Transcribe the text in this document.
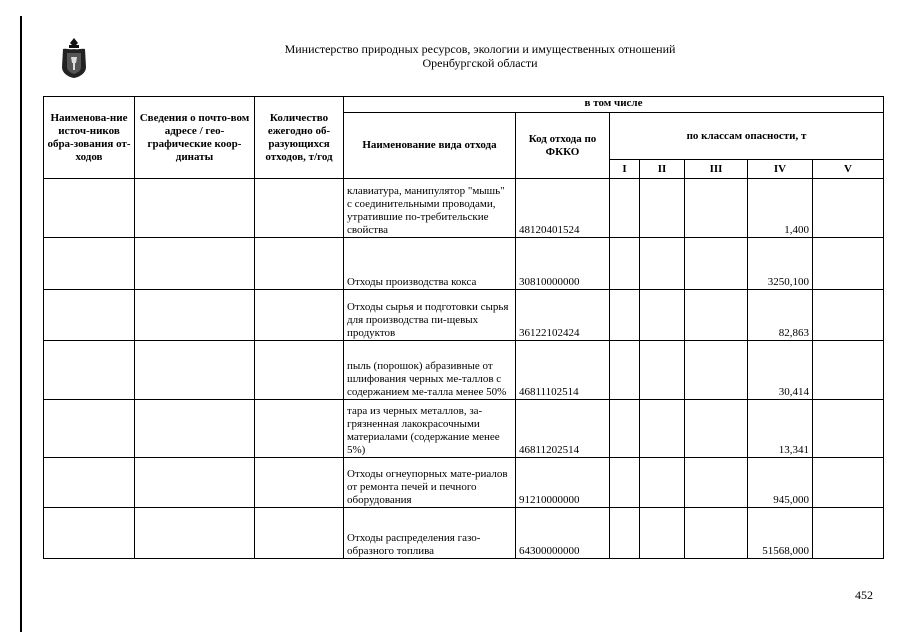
Министерство природных ресурсов, экологии и имущественных отношений
Оренбургской области
Наименова-ние источ-ников обра-зования от-ходов	Сведения о почто-вом адресе / гео-графические коор-динаты	Количество ежегодно об-разующихся отходов, т/год	в том числе						
			Наименование вида отхода	Код отхода по ФККО	по классам опасности, т				
					I	II	III	IV	V
			клавиатура, манипулятор "мышь" с соединительными проводами, утратившие по-требительские свойства	48120401524				1,400	
			Отходы производства кокса	30810000000				3250,100	
			Отходы сырья и подготовки сырья для производства пи-щевых продуктов	36122102424				82,863	
			пыль (порошок) абразивные от шлифования черных ме-таллов с содержанием ме-талла менее 50%	46811102514				30,414	
			тара из черных металлов, за-грязненная лакокрасочными материалами (содержание менее 5%)	46811202514				13,341	
			Отходы огнеупорных мате-риалов от ремонта печей и печного оборудования	91210000000				945,000	
			Отходы распределения газо-образного топлива	64300000000				51568,000	
452
